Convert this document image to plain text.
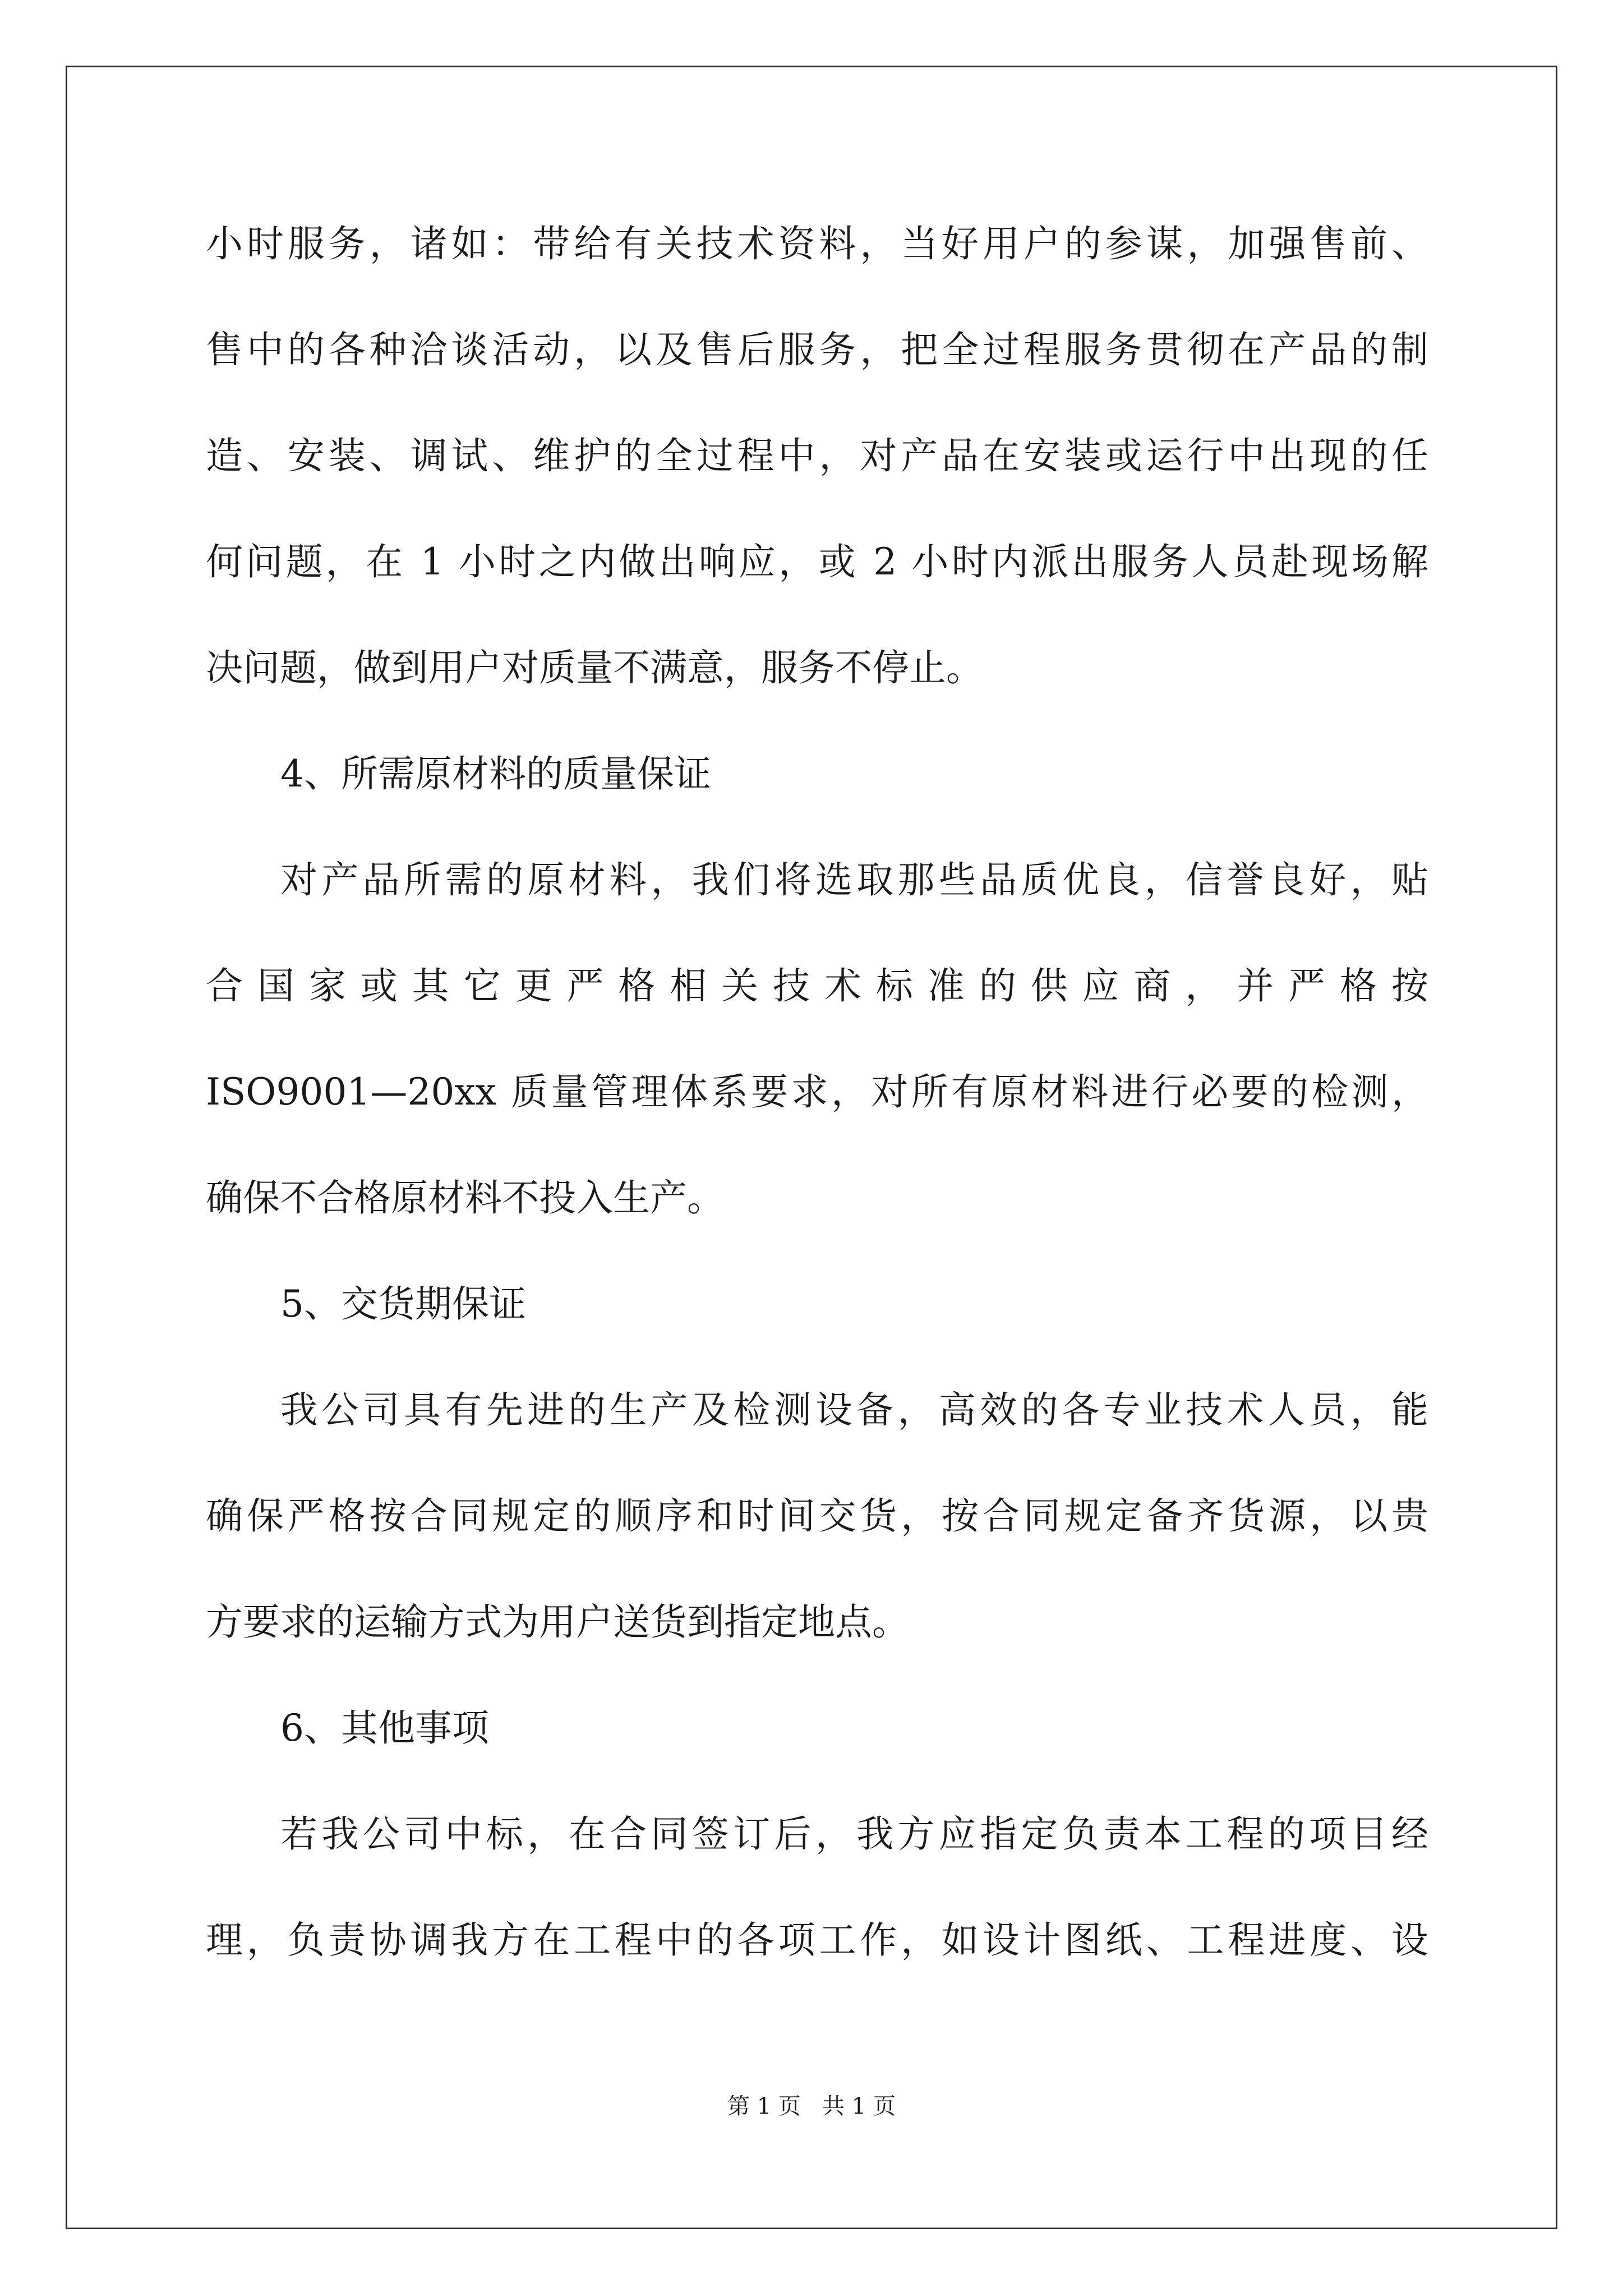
小时服务，诸如：带给有关技术资料，当好用户的参谋，加强售前、
售中的各种洽谈活动，以及售后服务，把全过程服务贯彻在产品的制
造、安装、调试、维护的全过程中，对产品在安装或运行中出现的任
何问题，在 1 小时之内做出响应，或 2 小时内派出服务人员赴现场解
决问题，做到用户对质量不满意，服务不停止。
4、所需原材料的质量保证
对产品所需的原材料，我们将选取那些品质优良，信誉良好，贴
合 国 家 或 其 它 更 严 格 相 关 技 术 标 准 的 供 应 商 ， 并 严 格 按
ISO9001—20xx 质量管理体系要求，对所有原材料进行必要的检测，
确保不合格原材料不投入生产。
5、交货期保证
我公司具有先进的生产及检测设备，高效的各专业技术人员，能
确保严格按合同规定的顺序和时间交货，按合同规定备齐货源，以贵
方要求的运输方式为用户送货到指定地点。
6、其他事项
若我公司中标，在合同签订后，我方应指定负责本工程的项目经
理，负责协调我方在工程中的各项工作，如设计图纸、工程进度、设
第 1 页   共 1 页
